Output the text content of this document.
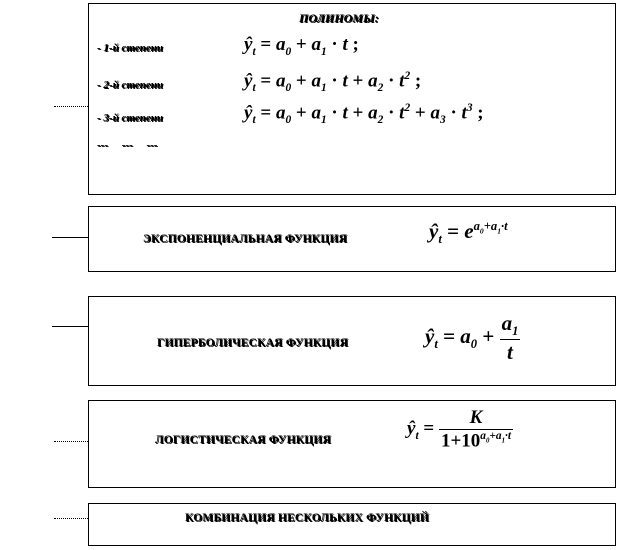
ПОЛИНОМЫ:
- 1-й степени	$ŷ_t = a_0 + a_1 \cdot t$ ;
- 2-й степени	$ŷ_t = a_0 + a_1 \cdot t + a_2 \cdot t^2$ ;
- 3-й степени	$ŷ_t = a_0 + a_1 \cdot t + a_2 \cdot t^2 + a_3 \cdot t^3$ ;
---     ---     ---
ЭКСПОНЕНЦИАЛЬНАЯ ФУНКЦИЯ	$ŷ_t = e^{a_0+a_1\cdot t}$
ГИПЕРБОЛИЧЕСКАЯ ФУНКЦИЯ	$ŷ_t = a_0 + \frac{a_1}{t}$
ЛОГИСТИЧЕСКАЯ ФУНКЦИЯ
$ŷ_t = \frac{K}{1+10^{a_0+a_1\cdot t}}$
КОМБИНАЦИЯ НЕСКОЛЬКИХ ФУНКЦИЙ
